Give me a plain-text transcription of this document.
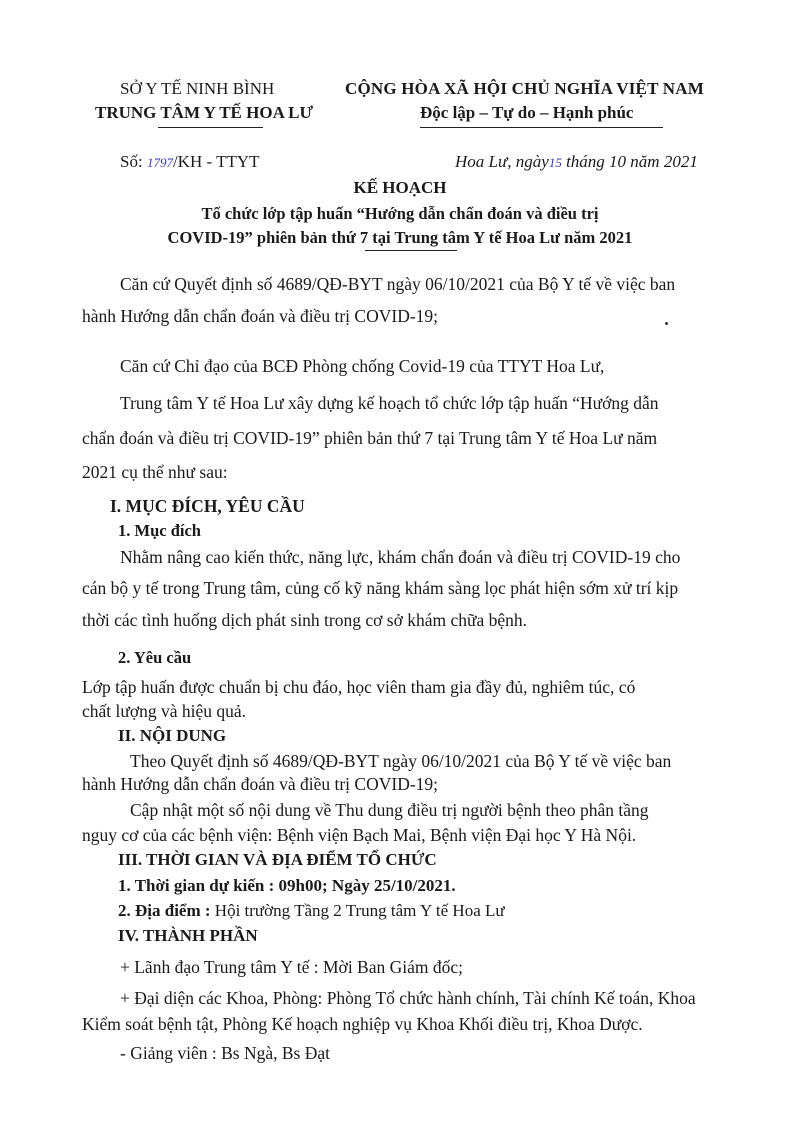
SỞ Y TẾ NINH BÌNH
TRUNG TÂM Y TẾ HOA LƯ
CỘNG HÒA XÃ HỘI CHỦ NGHĨA VIỆT NAM
Độc lập – Tự do – Hạnh phúc
Số: 1797/KH - TTYT	Hoa Lư, ngày15 tháng 10 năm 2021
KẾ HOẠCH
Tổ chức lớp tập huấn “Hướng dẫn chẩn đoán và điều trị
COVID-19” phiên bản thứ 7 tại Trung tâm Y tế Hoa Lư năm 2021
Căn cứ Quyết định số 4689/QĐ-BYT ngày 06/10/2021 của Bộ Y tế về việc ban
hành Hướng dẫn chẩn đoán và điều trị COVID-19;
Căn cứ Chỉ đạo của BCĐ Phòng chống Covid-19 của TTYT Hoa Lư,
Trung tâm Y tế Hoa Lư xây dựng kế hoạch tổ chức lớp tập huấn “Hướng dẫn
chẩn đoán và điều trị COVID-19” phiên bản thứ 7 tại Trung tâm Y tế Hoa Lư năm
2021 cụ thể như sau:
I. MỤC ĐÍCH, YÊU CẦU
1. Mục đích
Nhằm nâng cao kiến thức, năng lực, khám chẩn đoán và điều trị COVID-19 cho
cán bộ y tế trong Trung tâm, củng cố kỹ năng khám sàng lọc phát hiện sớm xử trí kịp
thời các tình huống dịch phát sinh trong cơ sở khám chữa bệnh.
2. Yêu cầu
Lớp tập huấn được chuẩn bị chu đáo, học viên tham gia đầy đủ, nghiêm túc, có
chất lượng và hiệu quả.
II. NỘI DUNG
Theo Quyết định số 4689/QĐ-BYT ngày 06/10/2021 của Bộ Y tế về việc ban
hành Hướng dẫn chẩn đoán và điều trị COVID-19;
Cập nhật một số nội dung về Thu dung điều trị người bệnh theo phân tầng
nguy cơ của các bệnh viện: Bệnh viện Bạch Mai, Bệnh viện Đại học Y Hà Nội.
III. THỜI GIAN VÀ ĐỊA ĐIỂM TỔ CHỨC
1. Thời gian dự kiến : 09h00; Ngày 25/10/2021.
2. Địa điểm : Hội trường Tầng 2 Trung tâm Y tế Hoa Lư
IV. THÀNH PHẦN
+ Lãnh đạo Trung tâm Y tế : Mời Ban Giám đốc;
+ Đại diện các Khoa, Phòng: Phòng Tổ chức hành chính, Tài chính Kế toán, Khoa
Kiểm soát bệnh tật, Phòng Kế hoạch nghiệp vụ Khoa Khối điều trị, Khoa Dược.
- Giảng viên : Bs Ngà, Bs Đạt
